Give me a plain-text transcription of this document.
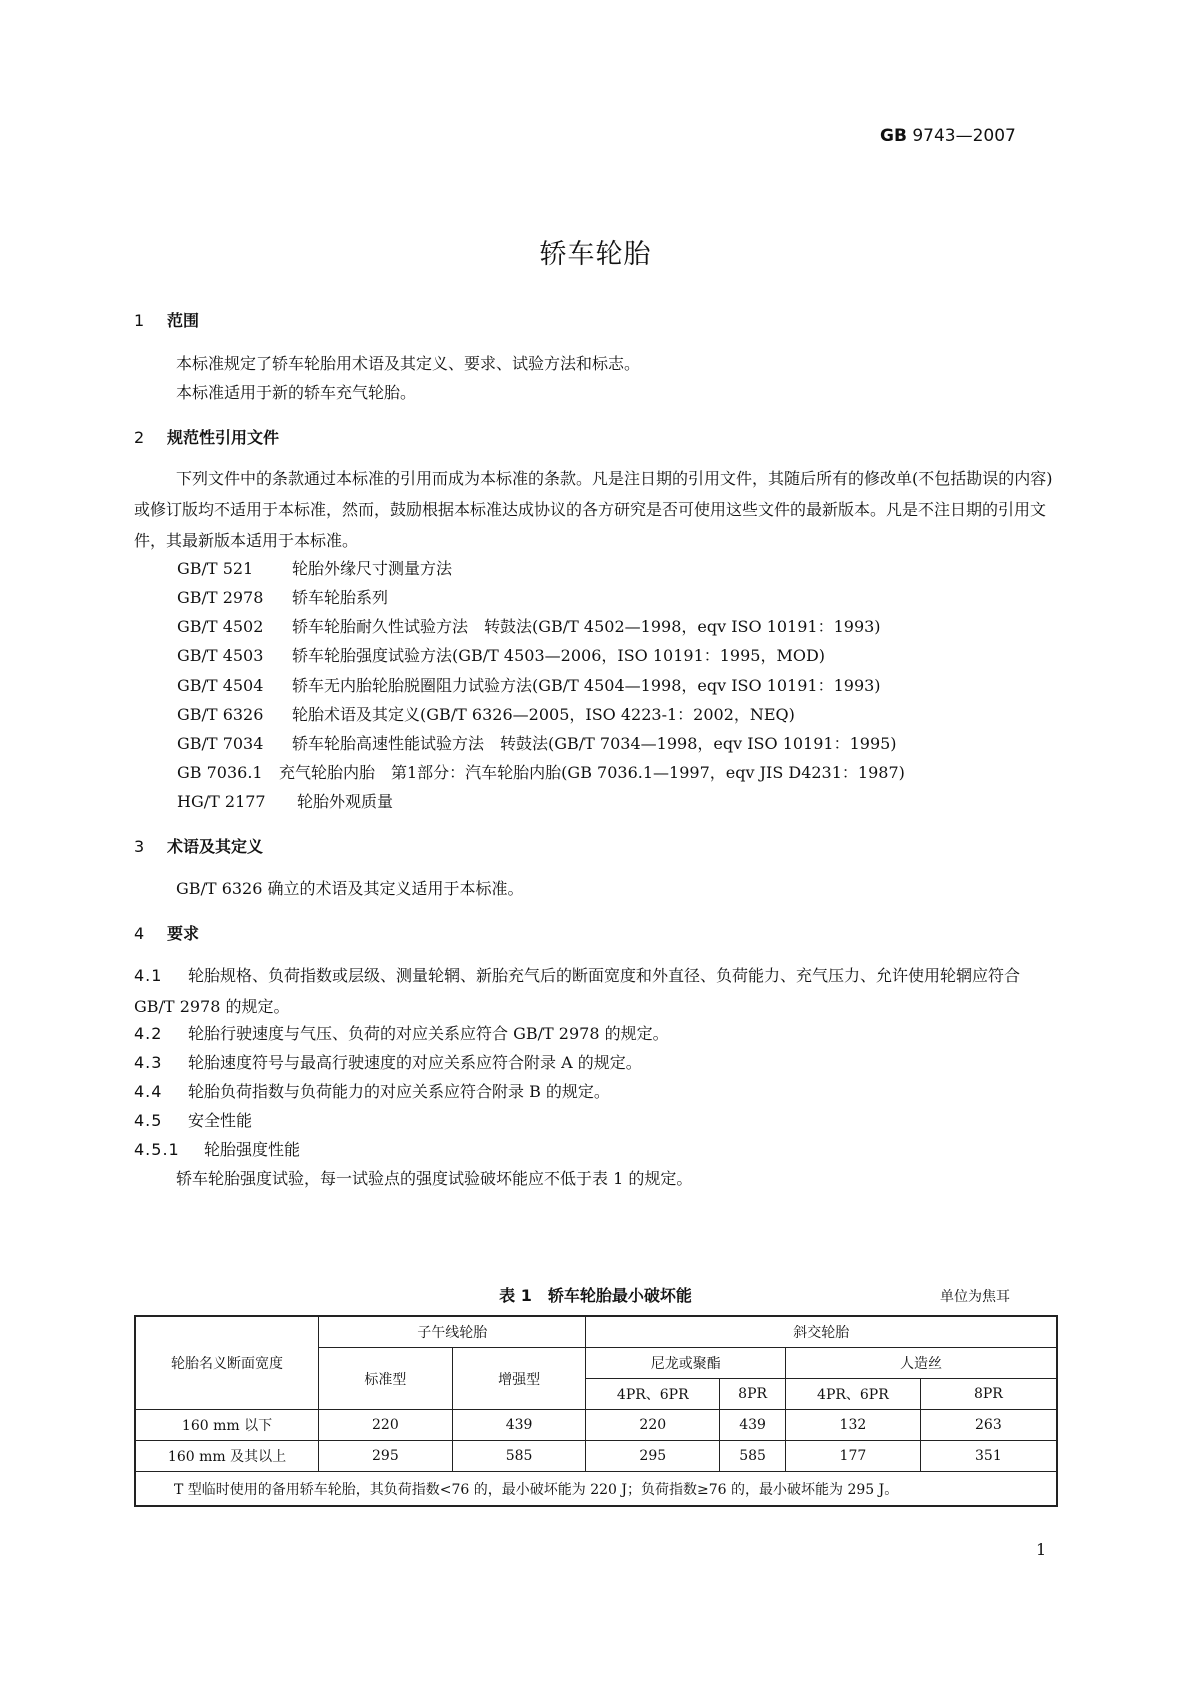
GB 9743—2007
轿车轮胎
1 范围
本标准规定了轿车轮胎用术语及其定义、要求、试验方法和标志。
本标准适用于新的轿车充气轮胎。
2 规范性引用文件
下列文件中的条款通过本标准的引用而成为本标准的条款。凡是注日期的引用文件，其随后所有的修改单(不包括勘误的内容)或修订版均不适用于本标准，然而，鼓励根据本标准达成协议的各方研究是否可使用这些文件的最新版本。凡是不注日期的引用文件，其最新版本适用于本标准。
GB/T 521 轮胎外缘尺寸测量方法
GB/T 2978 轿车轮胎系列
GB/T 4502 轿车轮胎耐久性试验方法　转鼓法(GB/T 4502—1998，eqv ISO 10191：1993)
GB/T 4503 轿车轮胎强度试验方法(GB/T 4503—2006，ISO 10191：1995，MOD)
GB/T 4504 轿车无内胎轮胎脱圈阻力试验方法(GB/T 4504—1998，eqv ISO 10191：1993)
GB/T 6326 轮胎术语及其定义(GB/T 6326—2005，ISO 4223-1：2002，NEQ)
GB/T 7034 轿车轮胎高速性能试验方法　转鼓法(GB/T 7034—1998，eqv ISO 10191：1995)
GB 7036.1 充气轮胎内胎　第1部分：汽车轮胎内胎(GB 7036.1—1997，eqv JIS D4231：1987)
HG/T 2177 轮胎外观质量
3 术语及其定义
GB/T 6326 确立的术语及其定义适用于本标准。
4 要求
4.1 轮胎规格、负荷指数或层级、测量轮辋、新胎充气后的断面宽度和外直径、负荷能力、充气压力、允许使用轮辋应符合 GB/T 2978 的规定。
4.2 轮胎行驶速度与气压、负荷的对应关系应符合 GB/T 2978 的规定。
4.3 轮胎速度符号与最高行驶速度的对应关系应符合附录 A 的规定。
4.4 轮胎负荷指数与负荷能力的对应关系应符合附录 B 的规定。
4.5 安全性能
4.5.1 轮胎强度性能
轿车轮胎强度试验，每一试验点的强度试验破坏能应不低于表 1 的规定。
表 1　轿车轮胎最小破坏能	单位为焦耳
轮胎名义断面宽度	子午线轮胎		斜交轮胎			
	标准型	增强型	尼龙或聚酯		人造丝	
			4PR、6PR	8PR	4PR、6PR	8PR
160 mm 以下	220	439	220	439	132	263
160 mm 及其以上	295	585	295	585	177	351
T 型临时使用的备用轿车轮胎，其负荷指数<76 的，最小破坏能为 220 J；负荷指数≥76 的，最小破坏能为 295 J。						
1
